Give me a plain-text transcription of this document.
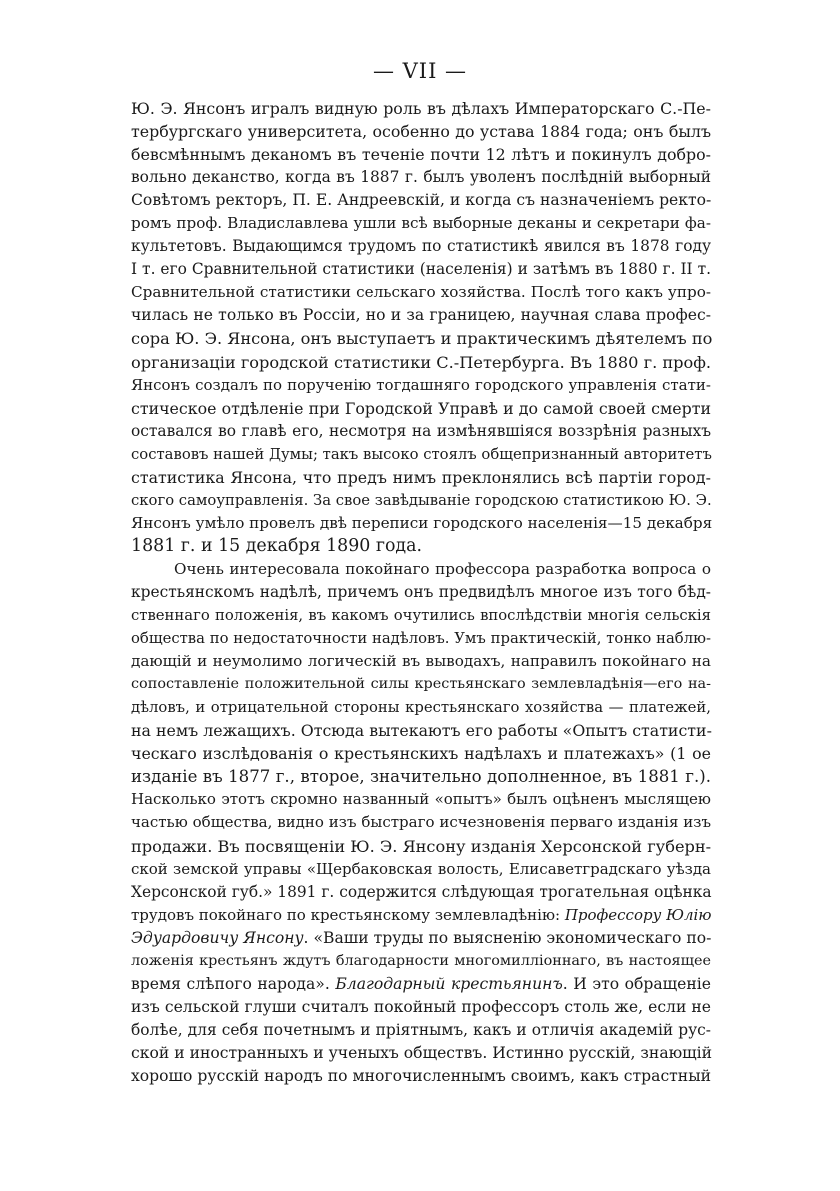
— VII —
Ю. Э. Янсонъ игралъ видную роль въ дѣлахъ Императорскаго С.-Пе-
тербургскаго университета, особенно до устава 1884 года; онъ былъ
бевсмѣннымъ деканомъ въ теченіе почти 12 лѣтъ и покинулъ добро-
вольно деканство, когда въ 1887 г. былъ уволенъ послѣдній выборный
Совѣтомъ ректоръ, П. Е. Андреевскій, и когда съ назначеніемъ ректо-
ромъ проф. Владиславлева ушли всѣ выборные деканы и секретари фа-
культетовъ. Выдающимся трудомъ по статистикѣ явился въ 1878 году
I т. его Сравнительной статистики (населенія) и затѣмъ въ 1880 г. II т.
Сравнительной статистики сельскаго хозяйства. Послѣ того какъ упро-
чилась не только въ Россіи, но и за границею, научная слава профес-
сора Ю. Э. Янсона, онъ выступаетъ и практическимъ дѣятелемъ по
организаціи городской статистики С.-Петербурга. Въ 1880 г. проф.
Янсонъ создалъ по порученію тогдашняго городского управленія стати-
стическое отдѣленіе при Городской Управѣ и до самой своей смерти
оставался во главѣ его, несмотря на измѣнявшіяся воззрѣнія разныхъ
составовъ нашей Думы; такъ высоко стоялъ общепризнанный авторитетъ
статистика Янсона, что предъ нимъ преклонялись всѣ партіи город-
ского самоуправленія. За свое завѣдываніе городскою статистикою Ю. Э.
Янсонъ умѣло провелъ двѣ переписи городского населенія—15 декабря
1881 г. и 15 декабря 1890 года.
Очень интересовала покойнаго профессора разработка вопроса о
крестьянскомъ надѣлѣ, причемъ онъ предвидѣлъ многое изъ того бѣд-
ственнаго положенія, въ какомъ очутились впослѣдствіи многія сельскія
общества по недостаточности надѣловъ. Умъ практическій, тонко наблю-
дающій и неумолимо логическій въ выводахъ, направилъ покойнаго на
сопоставленіе положительной силы крестьянскаго землевладѣнія—его на-
дѣловъ, и отрицательной стороны крестьянскаго хозяйства — платежей,
на немъ лежащихъ. Отсюда вытекаютъ его работы «Опытъ статисти-
ческаго изслѣдованія о крестьянскихъ надѣлахъ и платежахъ» (1 ое
изданіе въ 1877 г., второе, значительно дополненное, въ 1881 г.).
Насколько этотъ скромно названный «опытъ» былъ оцѣненъ мыслящею
частью общества, видно изъ быстраго исчезновенія перваго изданія изъ
продажи. Въ посвященіи Ю. Э. Янсону изданія Херсонской губерн-
ской земской управы «Щербаковская волость, Елисаветградскаго уѣзда
Херсонской губ.» 1891 г. содержится слѣдующая трогательная оцѣнка
трудовъ покойнаго по крестьянскому землевладѣнію: Профессору Юлію
Эдуардовичу Янсону. «Ваши труды по выясненію экономическаго по-
ложенія крестьянъ ждутъ благодарности многомилліоннаго, въ настоящее
время слѣпого народа». Благодарный крестьянинъ. И это обращеніе
изъ сельской глуши считалъ покойный профессоръ столь же, если не
болѣе, для себя почетнымъ и пріятнымъ, какъ и отличія академій рус-
ской и иностранныхъ и ученыхъ обществъ. Истинно русскій, знающій
хорошо русскій народъ по многочисленнымъ своимъ, какъ страстный
